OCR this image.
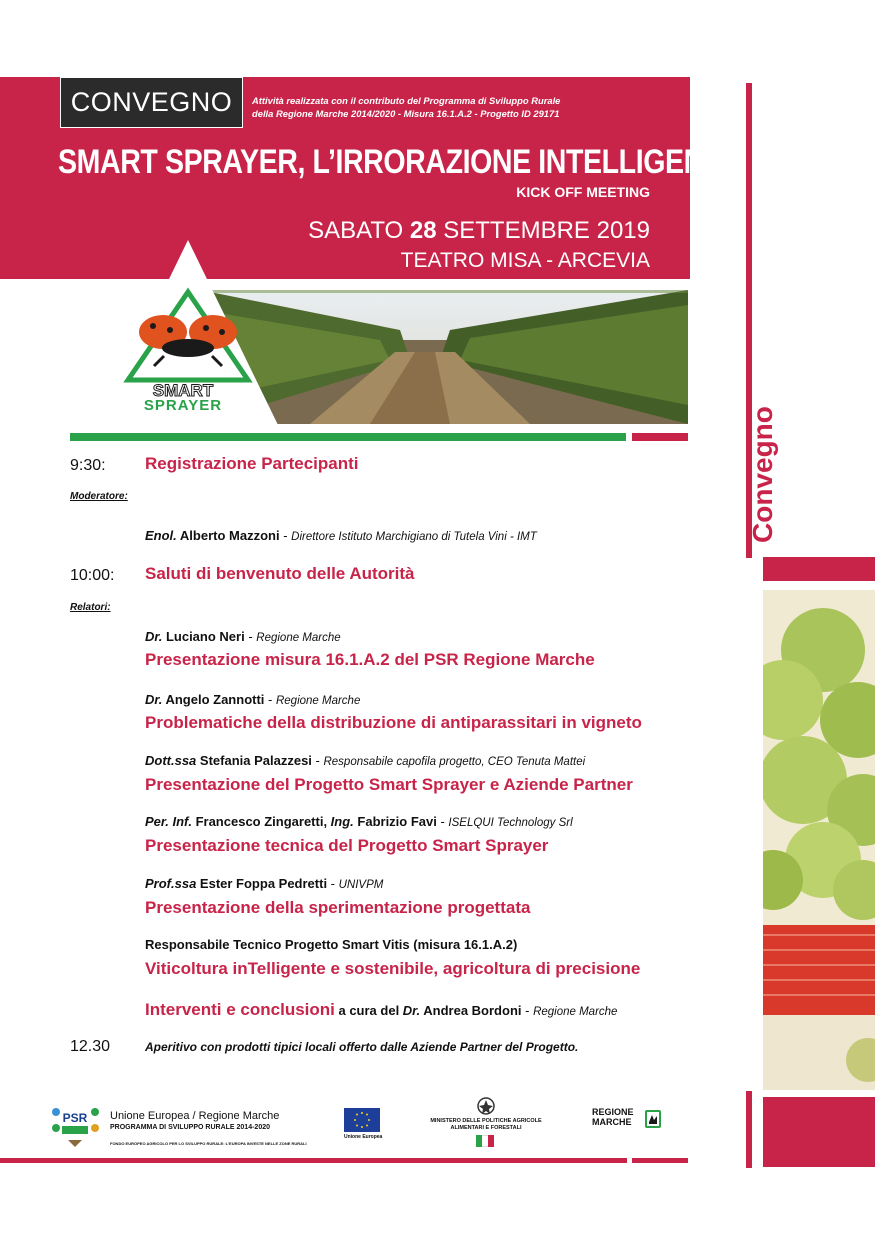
CONVEGNO	Attività realizzata con il contributo del Programma di Sviluppo Rurale
della Regione Marche 2014/2020 - Misura 16.1.A.2 - Progetto ID 29171
SMART SPRAYER, L’IRRORAZIONE INTELLIGENTE
KICK OFF MEETING
SABATO 28 SETTEMBRE 2019
TEATRO MISA - ARCEVIA
SMART
SPRAYER
Convegno
9:30: Registrazione Partecipanti
Moderatore:
Enol. Alberto Mazzoni - Direttore Istituto Marchigiano di Tutela Vini - IMT
10:00: Saluti di benvenuto delle Autorità
Relatori:
Dr. Luciano Neri - Regione Marche
Presentazione misura 16.1.A.2 del PSR Regione Marche
Dr. Angelo Zannotti - Regione Marche
Problematiche della distribuzione di antiparassitari in vigneto
Dott.ssa Stefania Palazzesi - Responsabile capofila progetto, CEO Tenuta Mattei
Presentazione del Progetto Smart Sprayer e Aziende Partner
Per. Inf. Francesco Zingaretti, Ing. Fabrizio Favi - ISELQUI Technology Srl
Presentazione tecnica del Progetto Smart Sprayer
Prof.ssa Ester Foppa Pedretti - UNIVPM
Presentazione della sperimentazione progettata
Responsabile Tecnico Progetto Smart Vitis (misura 16.1.A.2)
Viticoltura inTelligente e sostenibile, agricoltura di precisione
Interventi e conclusioni a cura del Dr. Andrea Bordoni - Regione Marche
12.30	Aperitivo con prodotti tipici locali offerto dalle Aziende Partner del Progetto.
PSR Unione Europea / Regione Marche
PROGRAMMA DI SVILUPPO RURALE 2014-2020
FONDO EUROPEO AGRICOLO PER LO SVILUPPO RURALE: L'EUROPA INVESTE NELLE ZONE RURALI
Unione Europea
MINISTERO DELLE POLITICHE AGRICOLE
ALIMENTARI E FORESTALI
REGIONE
MARCHE
